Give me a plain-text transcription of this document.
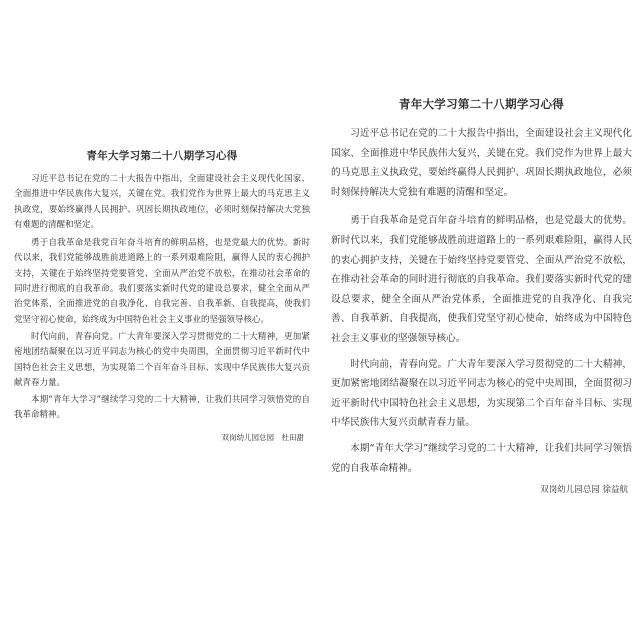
青年大学习第二十八期学习心得

习近平总书记在党的二十大报告中指出，全面建设社会主义现代化国家、全面推进中华民族伟大复兴，关键在党。我们党作为世界上最大的马克思主义执政党，要始终赢得人民拥护、巩固长期执政地位，必须时刻保持解决大党独有难题的清醒和坚定。

勇于自我革命是我党百年奋斗培育的鲜明品格，也是党最大的优势。新时代以来，我们党能够战胜前进道路上的一系列艰难险阻，赢得人民的衷心拥护支持，关键在于始终坚持党要管党、全面从严治党不放松，在推动社会革命的同时进行彻底的自我革命。我们要落实新时代党的建设总要求，健全全面从严治党体系，全面推进党的自我净化、自我完善、自我革新、自我提高，使我们党坚守初心使命，始终成为中国特色社会主义事业的坚强领导核心。

时代向前，青春向党。广大青年要深入学习贯彻党的二十大精神，更加紧密地团结凝聚在以习近平同志为核心的党中央周围，全面贯彻习近平新时代中国特色社会主义思想，为实现第二个百年奋斗目标、实现中华民族伟大复兴贡献青春力量。

本期“青年大学习”继续学习党的二十大精神，让我们共同学习领悟党的自我革命精神。

双岗幼儿园总园　杜田甜

青年大学习第二十八期学习心得

习近平总书记在党的二十大报告中指出，全面建设社会主义现代化国家、全面推进中华民族伟大复兴，关键在党。我们党作为世界上最大的马克思主义执政党，要始终赢得人民拥护、巩固长期执政地位，必须时刻保持解决大党独有难题的清醒和坚定。

勇于自我革命是党百年奋斗培育的鲜明品格，也是党最大的优势。新时代以来，我们党能够战胜前进道路上的一系列艰难险阻，赢得人民的衷心拥护支持，关键在于始终坚持党要管党、全面从严治党不放松，在推动社会革命的同时进行彻底的自我革命。我们要落实新时代党的建设总要求，健全全面从严治党体系，全面推进党的自我净化、自我完善、自我革新、自我提高，使我们党坚守初心使命，始终成为中国特色社会主义事业的坚强领导核心。

时代向前，青春向党。广大青年要深入学习贯彻党的二十大精神，更加紧密地团结凝聚在以习近平同志为核心的党中央周围，全面贯彻习近平新时代中国特色社会主义思想，为实现第二个百年奋斗目标、实现中华民族伟大复兴贡献青春力量。

本期“青年大学习”继续学习党的二十大精神，让我们共同学习领悟党的自我革命精神。

双岗幼儿园总园 徐益航
